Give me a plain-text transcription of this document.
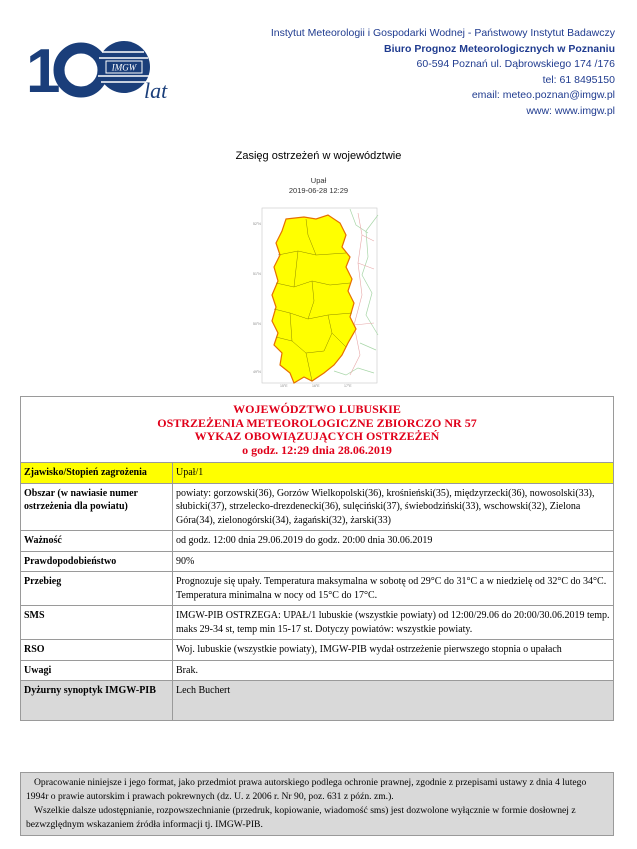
1	IMGW
lat
Instytut Meteorologii i Gospodarki Wodnej - Państwowy Instytut Badawczy
Biuro Prognoz Meteorologicznych w Poznaniu
60-594 Poznań ul. Dąbrowskiego 174 /176
tel: 61 8495150
email: meteo.poznan@imgw.pl
www: www.imgw.pl
Zasięg ostrzeżeń w województwie
Upał
2019-06-28 12:29
52°N
51°N
50°N
49°N
15°E	16°E	17°E
WOJEWÓDZTWO LUBUSKIE
OSTRZEŻENIA METEOROLOGICZNE ZBIORCZO NR 57
WYKAZ OBOWIĄZUJĄCYCH OSTRZEŻEŃ
o godz. 12:29 dnia 28.06.2019	

Zjawisko/Stopień zagrożenia	Upał/1
Obszar (w nawiasie numer ostrzeżenia dla powiatu)	powiaty: gorzowski(36), Gorzów Wielkopolski(36), krośnieński(35), międzyrzecki(36), nowosolski(33), słubicki(37), strzelecko-drezdenecki(36), sulęciński(37), świebodziński(33), wschowski(32), Zielona Góra(34), zielonogórski(34), żagański(32), żarski(33)
Ważność	od godz. 12:00 dnia 29.06.2019 do godz. 20:00 dnia 30.06.2019
Prawdopodobieństwo	90%
Przebieg	Prognozuje się upały. Temperatura maksymalna w sobotę od 29°C do 31°C a w niedzielę od 32°C do 34°C. Temperatura minimalna w nocy od 15°C do 17°C.
SMS	IMGW-PIB OSTRZEGA: UPAŁ/1 lubuskie (wszystkie powiaty) od 12:00/29.06 do 20:00/30.06.2019 temp. maks 29-34 st, temp min 15-17 st. Dotyczy powiatów: wszystkie powiaty.
RSO	Woj. lubuskie (wszystkie powiaty), IMGW-PIB wydał ostrzeżenie pierwszego stopnia o upałach
Uwagi	Brak.
Dyżurny synoptyk IMGW-PIB	Lech Buchert

Opracowanie niniejsze i jego format, jako przedmiot prawa autorskiego podlega ochronie prawnej, zgodnie z przepisami ustawy z dnia 4 lutego 1994r o prawie autorskim i prawach pokrewnych (dz. U. z 2006 r. Nr 90, poz. 631 z późn. zm.).

Wszelkie dalsze udostępnianie, rozpowszechnianie (przedruk, kopiowanie, wiadomość sms) jest dozwolone wyłącznie w formie dosłownej z bezwzględnym wskazaniem źródła informacji tj. IMGW-PIB.
